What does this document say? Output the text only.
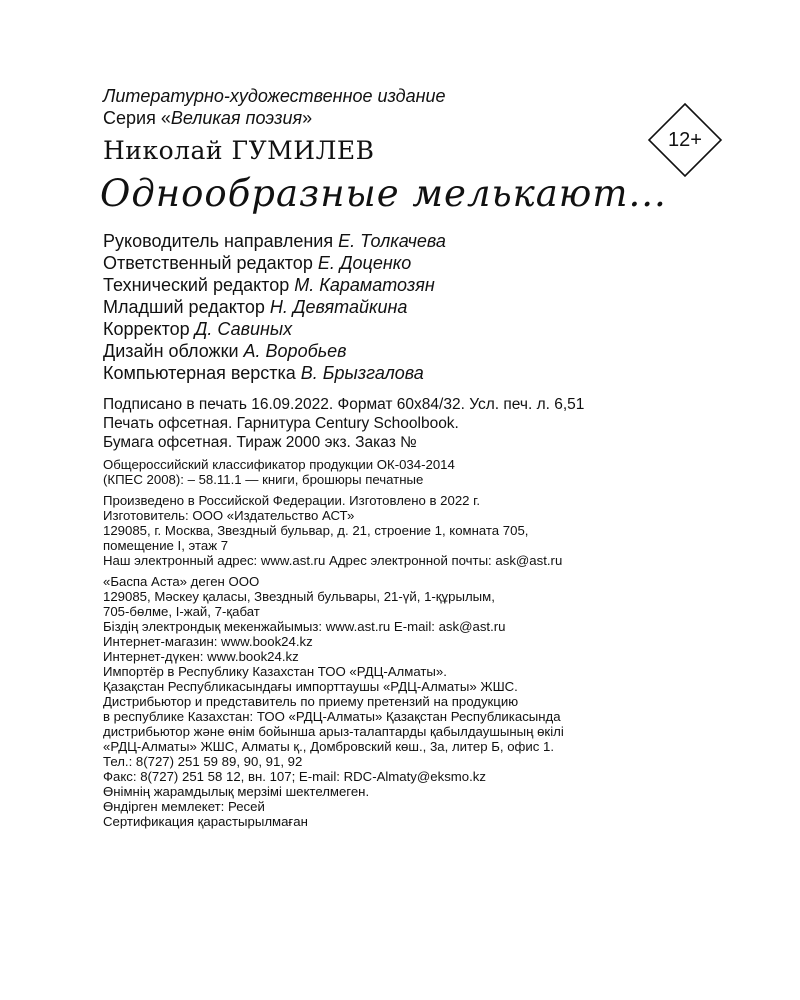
Литературно-художественное издание
Серия «Великая поэзия»
12+
Николай ГУМИЛЕВ
Однообразные мелькают...
Руководитель направления Е. Толкачева
Ответственный редактор Е. Доценко
Технический редактор М. Караматозян
Младший редактор Н. Девятайкина
Корректор Д. Савиных
Дизайн обложки А. Воробьев
Компьютерная верстка В. Брызгалова
Подписано в печать 16.09.2022. Формат 60x84/32. Усл. печ. л. 6,51
Печать офсетная. Гарнитура Century Schoolbook.
Бумага офсетная. Тираж 2000 экз. Заказ №
Общероссийский классификатор продукции ОК-034-2014
(КПЕС 2008): – 58.11.1 — книги, брошюры печатные
Произведено в Российской Федерации. Изготовлено в 2022 г.
Изготовитель: ООО «Издательство АСТ»
129085, г. Москва, Звездный бульвар, д. 21, строение 1, комната 705,
помещение I, этаж 7
Наш электронный адрес: www.ast.ru Адрес электронной почты: ask@ast.ru
«Баспа Аста» деген ООО
129085, Мәскеу қаласы, Звездный бульвары, 21-үй, 1-құрылым,
705-бөлме, I-жай, 7-қабат
Біздің электрондық мекенжайымыз: www.ast.ru E-mail: ask@ast.ru
Интернет-магазин: www.book24.kz
Интернет-дүкен: www.book24.kz
Импортёр в Республику Казахстан ТОО «РДЦ-Алматы».
Қазақстан Республикасындағы импорттаушы «РДЦ-Алматы» ЖШС.
Дистрибьютор и представитель по приему претензий на продукцию
в республике Казахстан: ТОО «РДЦ-Алматы» Қазақстан Республикасында
дистрибьютор және өнім бойынша арыз-талаптарды қабылдаушының өкілі
«РДЦ-Алматы» ЖШС, Алматы қ., Домбровский көш., 3а, литер Б, офис 1.
Тел.: 8(727) 251 59 89, 90, 91, 92
Факс: 8(727) 251 58 12, вн. 107; E-mail: RDC-Almaty@eksmo.kz
Өнімнің жарамдылық мерзімі шектелмеген.
Өндірген мемлекет: Ресей
Сертификация қарастырылмаған
